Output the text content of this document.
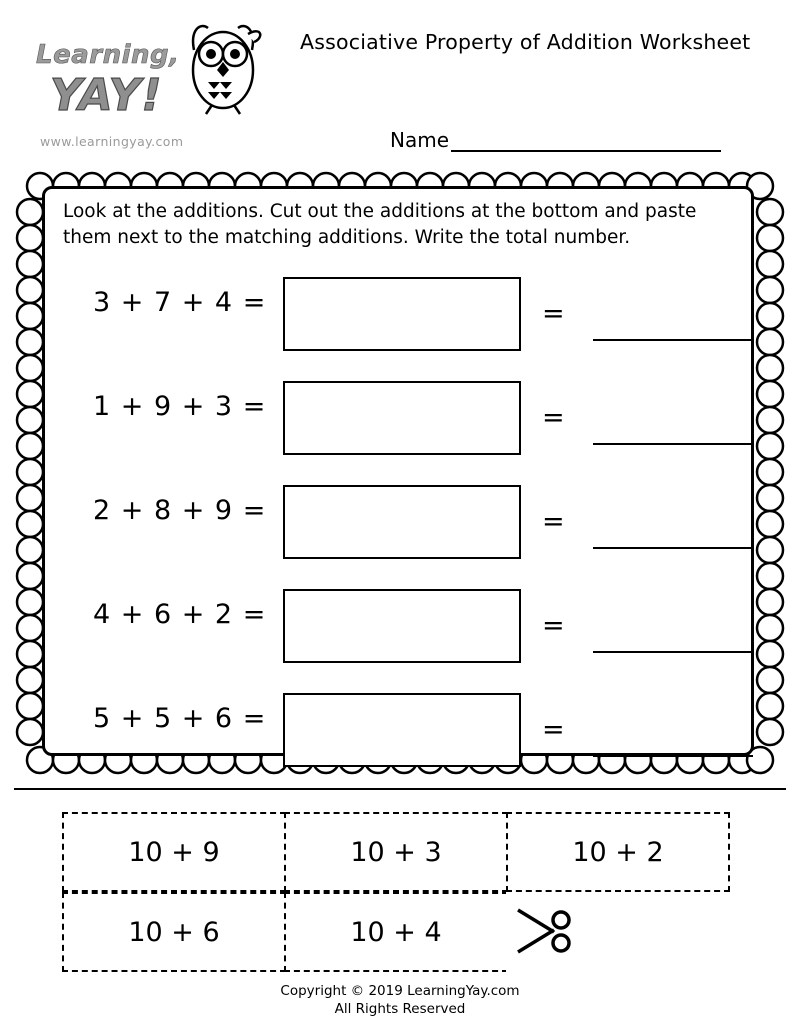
Learning,
YAY!
www.learningyay.com
Associative Property of Addition Worksheet
Name
Look at the additions. Cut out the additions at the bottom and paste them next to the matching additions. Write the total number.
3 + 7 + 4 =	=
1 + 9 + 3 =	=
2 + 8 + 9 =	=
4 + 6 + 2 =	=
5 + 5 + 6 =	=
10 + 9	10 + 3	10 + 2
10 + 6	10 + 4
Copyright © 2019 LearningYay.com
All Rights Reserved
